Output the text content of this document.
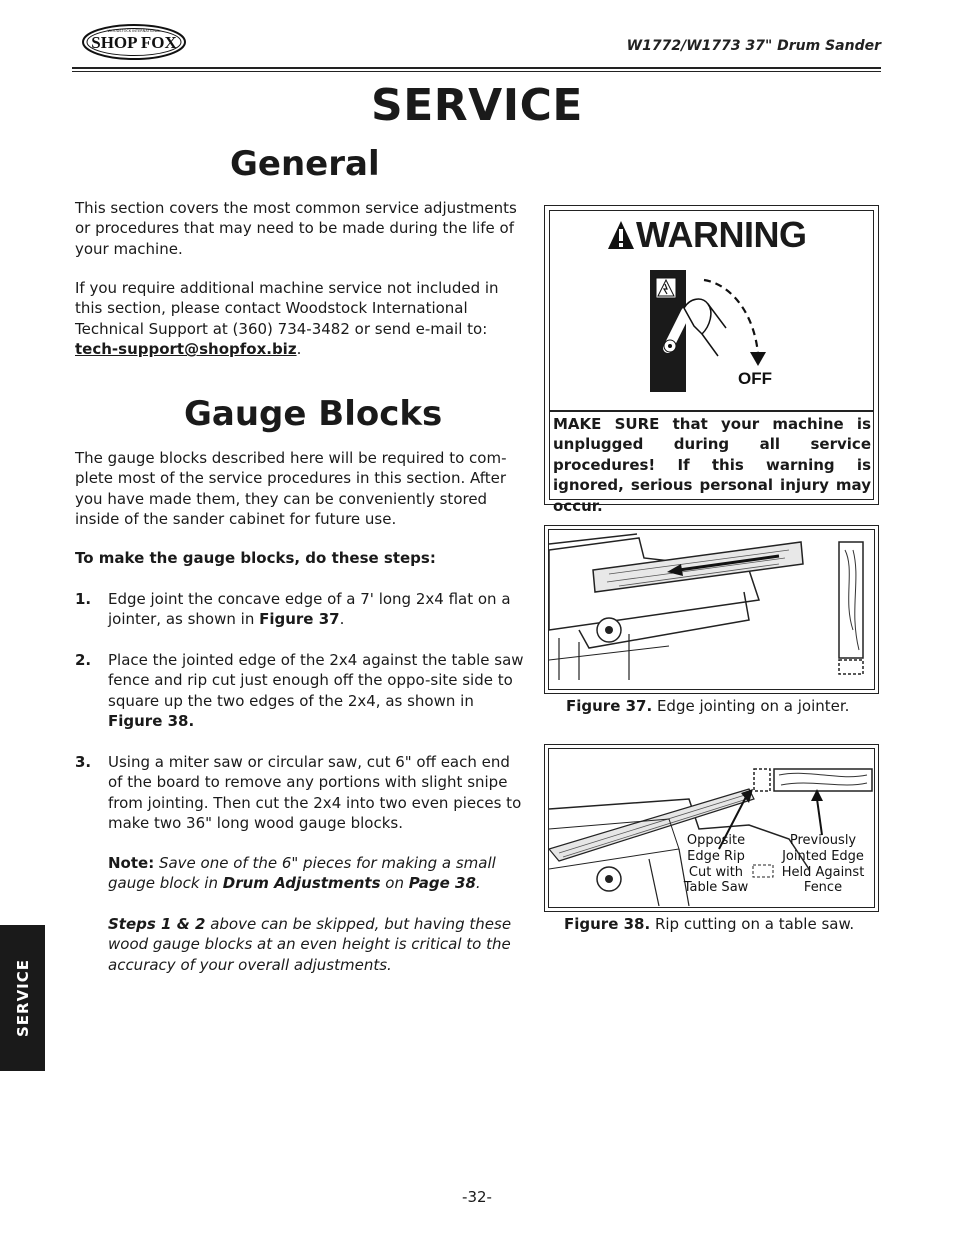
SHOP FOX
WOODSTOCK INTERNATIONAL
W1772/W1773 37" Drum Sander
SERVICE
General
This section covers the most common service adjustments or procedures that may need to be made during the life of your machine.
If you require additional machine service not included in this section, please contact Woodstock International Technical Support at (360) 734-3482 or send e-mail to: tech-support@shopfox.biz.
Gauge Blocks
The gauge blocks described here will be required to com-plete most of the service procedures in this section. After you have made them, they can be conveniently stored inside of the sander cabinet for future use.
To make the gauge blocks, do these steps:
1. Edge joint the concave edge of a 7' long 2x4 flat on a jointer, as shown in Figure 37.
2. Place the jointed edge of the 2x4 against the table saw fence and rip cut just enough off the oppo-site side to square up the two edges of the 2x4, as shown in Figure 38.
3. Using a miter saw or circular saw, cut 6" off each end of the board to remove any portions with slight snipe from jointing. Then cut the 2x4 into two even pieces to make two 36" long wood gauge blocks.
Note: Save one of the 6" pieces for making a small gauge block in Drum Adjustments on Page 38.
Steps 1 & 2 above can be skipped, but having these wood gauge blocks at an even height is critical to the accuracy of your overall adjustments.
WARNING
OFF
MAKE SURE that your machine is unplugged during all service procedures! If this warning is ignored, serious personal injury may occur.
Figure 37. Edge jointing on a jointer.
Opposite Edge Rip Cut with Table Saw
Previously Jointed Edge Held Against Fence
Figure 38. Rip cutting on a table saw.
SERVICE
-32-
